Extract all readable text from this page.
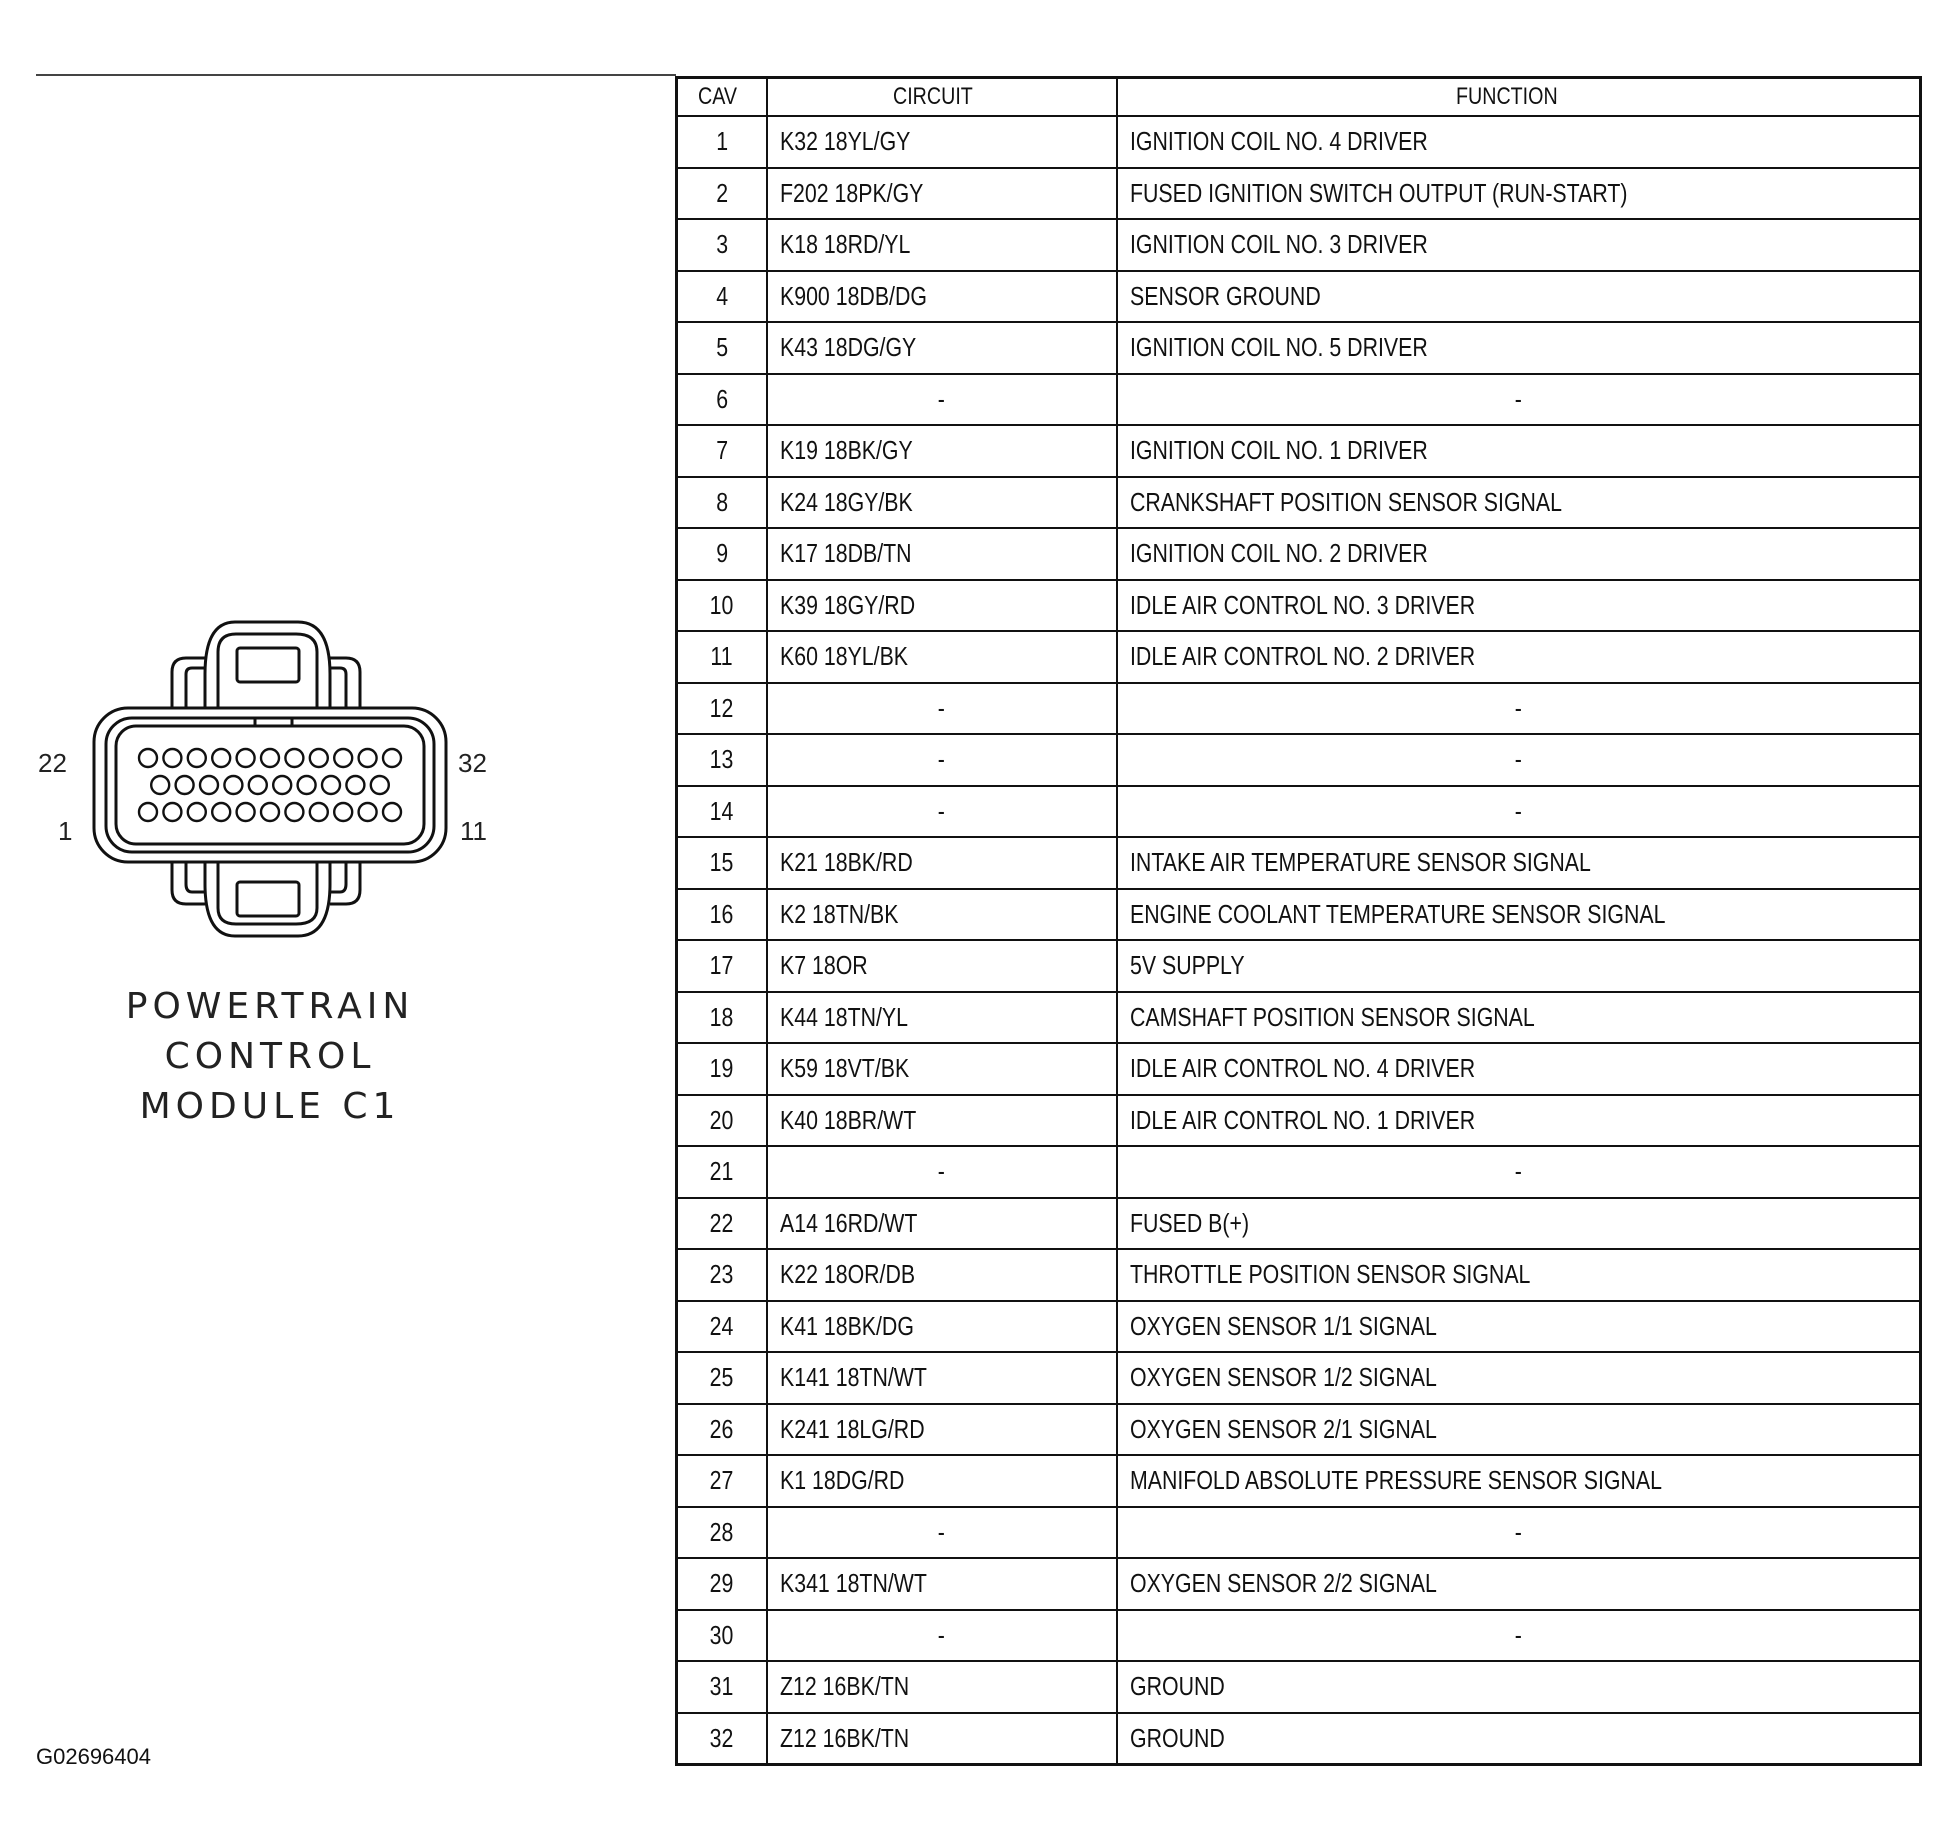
22	32
1	11
POWERTRAIN
CONTROL
MODULE C1
CAV	CIRCUIT	FUNCTION
1	K32 18YL/GY	IGNITION COIL NO. 4 DRIVER
2	F202 18PK/GY	FUSED IGNITION SWITCH OUTPUT (RUN-START)
3	K18 18RD/YL	IGNITION COIL NO. 3 DRIVER
4	K900 18DB/DG	SENSOR GROUND
5	K43 18DG/GY	IGNITION COIL NO. 5 DRIVER
6	-	-
7	K19 18BK/GY	IGNITION COIL NO. 1 DRIVER
8	K24 18GY/BK	CRANKSHAFT POSITION SENSOR SIGNAL
9	K17 18DB/TN	IGNITION COIL NO. 2 DRIVER
10	K39 18GY/RD	IDLE AIR CONTROL NO. 3 DRIVER
11	K60 18YL/BK	IDLE AIR CONTROL NO. 2 DRIVER
12	-	-
13	-	-
14	-	-
15	K21 18BK/RD	INTAKE AIR TEMPERATURE SENSOR SIGNAL
16	K2 18TN/BK	ENGINE COOLANT TEMPERATURE SENSOR SIGNAL
17	K7 18OR	5V SUPPLY
18	K44 18TN/YL	CAMSHAFT POSITION SENSOR SIGNAL
19	K59 18VT/BK	IDLE AIR CONTROL NO. 4 DRIVER
20	K40 18BR/WT	IDLE AIR CONTROL NO. 1 DRIVER
21	-	-
22	A14 16RD/WT	FUSED B(+)
23	K22 18OR/DB	THROTTLE POSITION SENSOR SIGNAL
24	K41 18BK/DG	OXYGEN SENSOR 1/1 SIGNAL
25	K141 18TN/WT	OXYGEN SENSOR 1/2 SIGNAL
26	K241 18LG/RD	OXYGEN SENSOR 2/1 SIGNAL
27	K1 18DG/RD	MANIFOLD ABSOLUTE PRESSURE SENSOR SIGNAL
28	-	-
29	K341 18TN/WT	OXYGEN SENSOR 2/2 SIGNAL
30	-	-
31	Z12 16BK/TN	GROUND
32	Z12 16BK/TN	GROUND
G02696404
